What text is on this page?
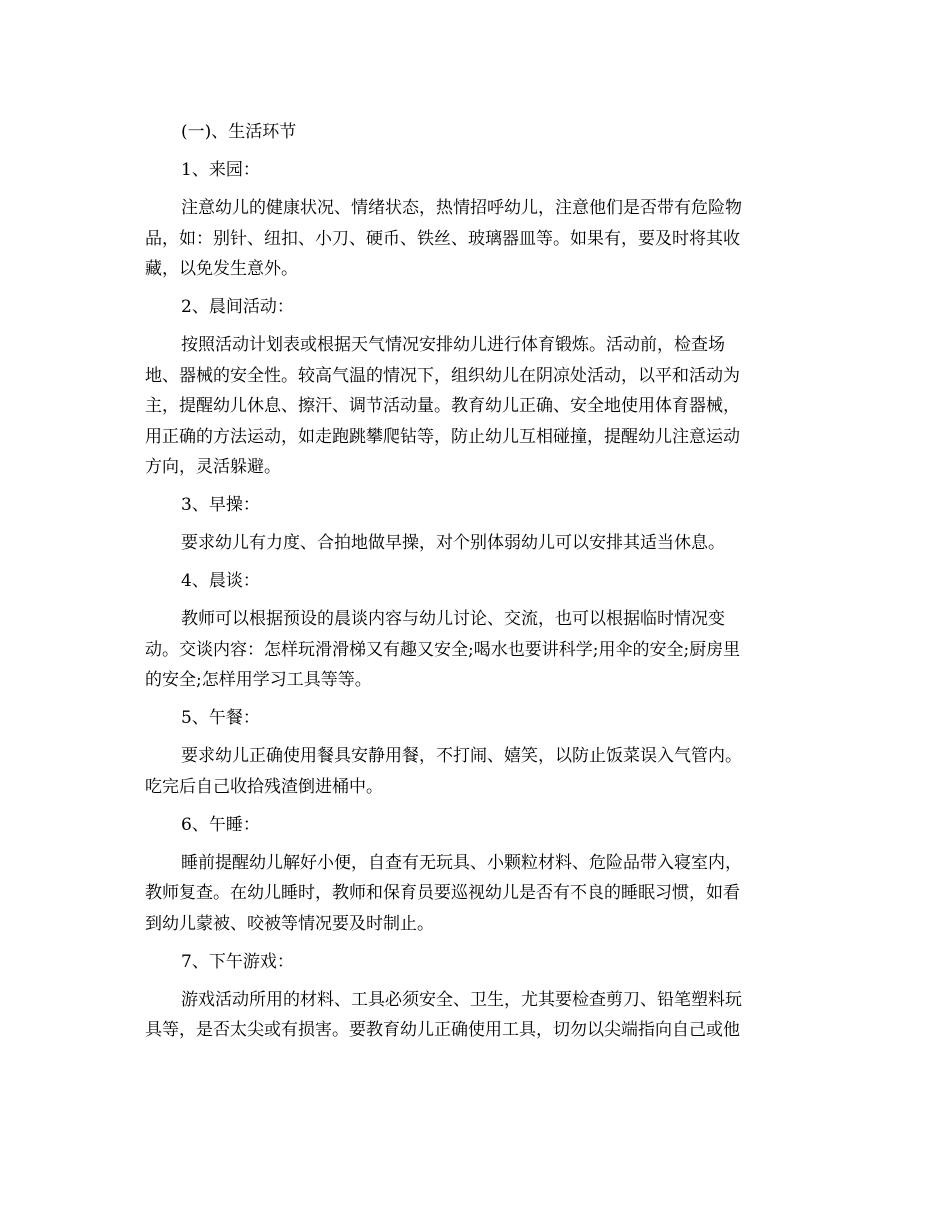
(一)、生活环节
1、来园：
注意幼儿的健康状况、情绪状态，热情招呼幼儿，注意他们是否带有危险物
品，如：别针、纽扣、小刀、硬币、铁丝、玻璃器皿等。如果有，要及时将其收
藏，以免发生意外。
2、晨间活动：
按照活动计划表或根据天气情况安排幼儿进行体育锻炼。活动前，检查场
地、器械的安全性。较高气温的情况下，组织幼儿在阴凉处活动，以平和活动为
主，提醒幼儿休息、擦汗、调节活动量。教育幼儿正确、安全地使用体育器械，
用正确的方法运动，如走跑跳攀爬钻等，防止幼儿互相碰撞，提醒幼儿注意运动
方向，灵活躲避。
3、早操：
要求幼儿有力度、合拍地做早操，对个别体弱幼儿可以安排其适当休息。
4、晨谈：
教师可以根据预设的晨谈内容与幼儿讨论、交流，也可以根据临时情况变
动。交谈内容：怎样玩滑滑梯又有趣又安全;喝水也要讲科学;用伞的安全;厨房里
的安全;怎样用学习工具等等。
5、午餐：
要求幼儿正确使用餐具安静用餐，不打闹、嬉笑，以防止饭菜误入气管内。
吃完后自己收拾残渣倒进桶中。
6、午睡：
睡前提醒幼儿解好小便，自查有无玩具、小颗粒材料、危险品带入寝室内，
教师复查。在幼儿睡时，教师和保育员要巡视幼儿是否有不良的睡眠习惯，如看
到幼儿蒙被、咬被等情况要及时制止。
7、下午游戏：
游戏活动所用的材料、工具必须安全、卫生，尤其要检查剪刀、铅笔塑料玩
具等，是否太尖或有损害。要教育幼儿正确使用工具，切勿以尖端指向自己或他
